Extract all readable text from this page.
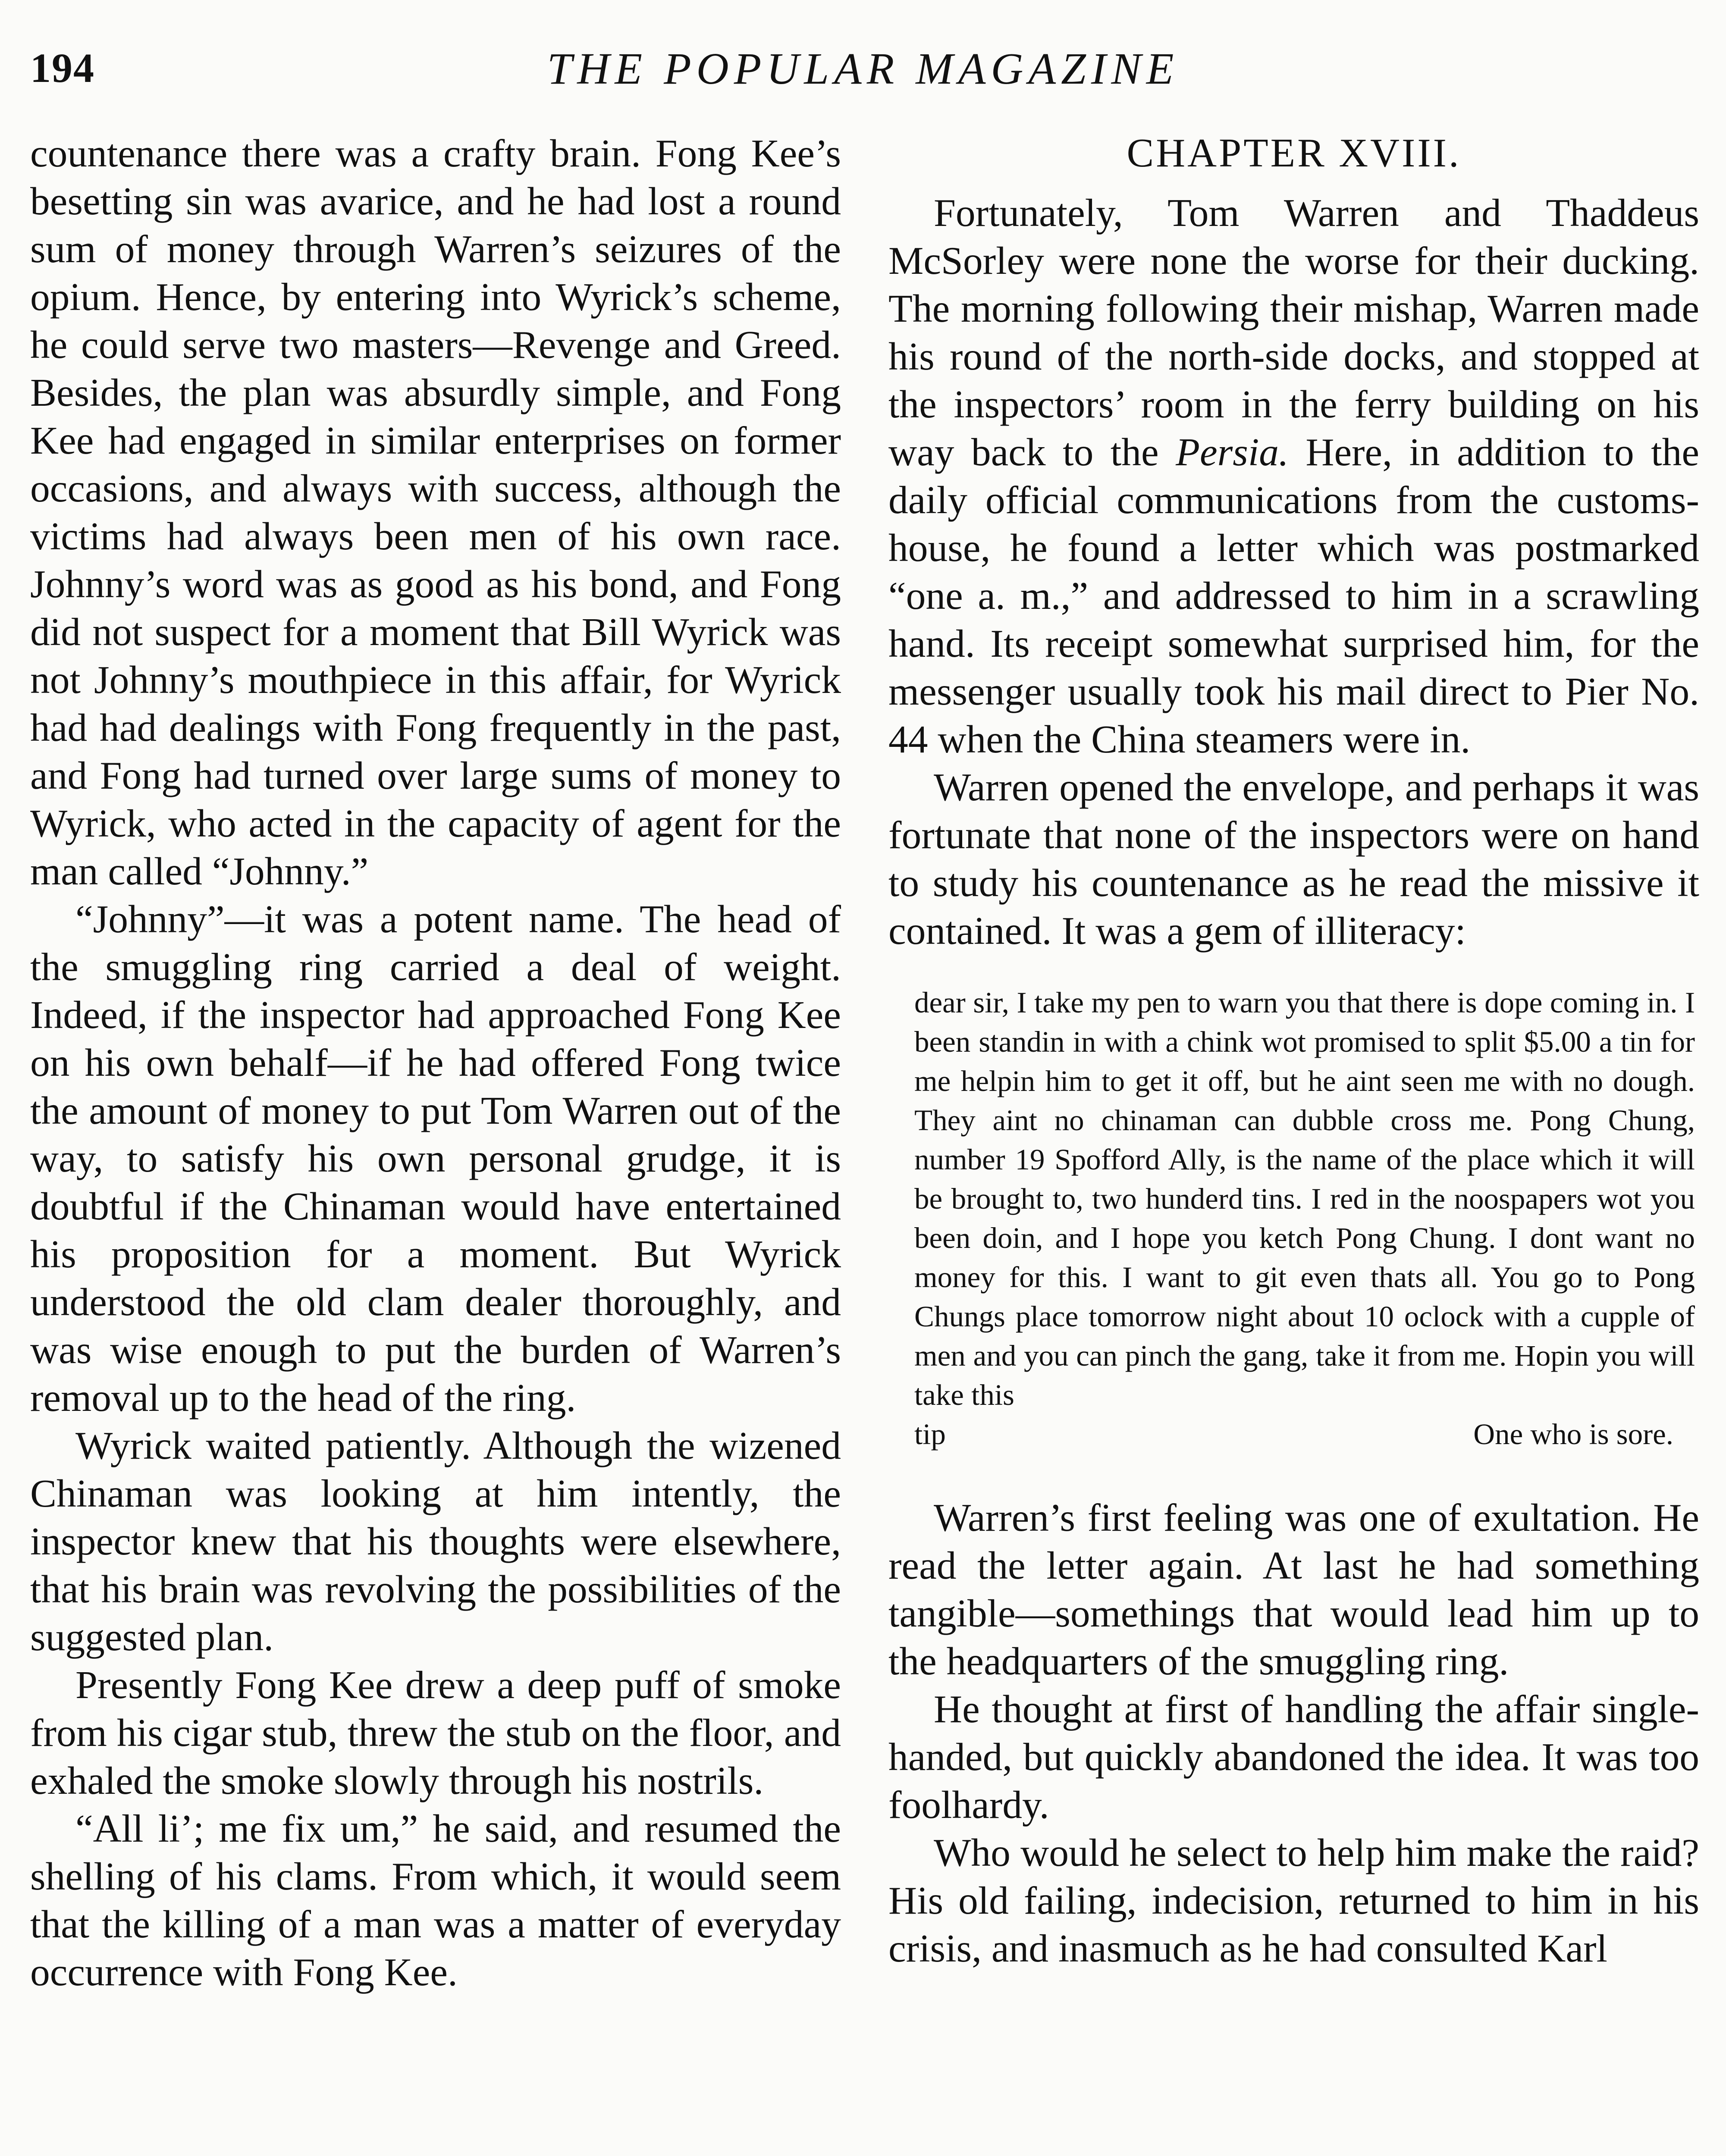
194	THE POPULAR MAGAZINE

countenance there was a crafty brain. Fong Kee’s besetting sin was avarice, and he had lost a round sum of money through Warren’s seizures of the opium. Hence, by entering into Wyrick’s scheme, he could serve two masters—Revenge and Greed. Besides, the plan was absurdly simple, and Fong Kee had engaged in similar enterprises on former occasions, and always with success, although the victims had always been men of his own race. Johnny’s word was as good as his bond, and Fong did not suspect for a moment that Bill Wyrick was not Johnny’s mouthpiece in this affair, for Wyrick had had dealings with Fong frequently in the past, and Fong had turned over large sums of money to Wyrick, who acted in the capacity of agent for the man called “Johnny.”

“Johnny”—it was a potent name. The head of the smuggling ring carried a deal of weight. Indeed, if the inspector had approached Fong Kee on his own behalf—if he had offered Fong twice the amount of money to put Tom Warren out of the way, to satisfy his own personal grudge, it is doubtful if the Chinaman would have entertained his proposition for a moment. But Wyrick understood the old clam dealer thoroughly, and was wise enough to put the burden of Warren’s removal up to the head of the ring.

Wyrick waited patiently. Although the wizened Chinaman was looking at him intently, the inspector knew that his thoughts were elsewhere, that his brain was revolving the possibilities of the suggested plan.

Presently Fong Kee drew a deep puff of smoke from his cigar stub, threw the stub on the floor, and exhaled the smoke slowly through his nostrils.

“All li’; me fix um,” he said, and resumed the shelling of his clams. From which, it would seem that the killing of a man was a matter of everyday occurrence with Fong Kee.

CHAPTER XVIII.

Fortunately, Tom Warren and Thaddeus McSorley were none the worse for their ducking. The morning following their mishap, Warren made his round of the north-side docks, and stopped at the inspectors’ room in the ferry building on his way back to the Persia. Here, in addition to the daily official communications from the customs-house, he found a letter which was postmarked “one a. m.,” and addressed to him in a scrawling hand. Its receipt somewhat surprised him, for the messenger usually took his mail direct to Pier No. 44 when the China steamers were in.

Warren opened the envelope, and perhaps it was fortunate that none of the inspectors were on hand to study his countenance as he read the missive it contained. It was a gem of illiteracy:

dear sir, I take my pen to warn you that there is dope coming in. I been standin in with a chink wot promised to split $5.00 a tin for me helpin him to get it off, but he aint seen me with no dough. They aint no chinaman can dubble cross me. Pong Chung, number 19 Spofford Ally, is the name of the place which it will be brought to, two hunderd tins. I red in the noospapers wot you been doin, and I hope you ketch Pong Chung. I dont want no money for this. I want to git even thats all. You go to Pong Chungs place tomorrow night about 10 oclock with a cupple of men and you can pinch the gang, take it from me. Hopin you will take this
tip	One who is sore.

Warren’s first feeling was one of exultation. He read the letter again. At last he had something tangible—somethings that would lead him up to the headquarters of the smuggling ring.

He thought at first of handling the affair single-handed, but quickly abandoned the idea. It was too foolhardy.

Who would he select to help him make the raid? His old failing, indecision, returned to him in his crisis, and inasmuch as he had consulted Karl
